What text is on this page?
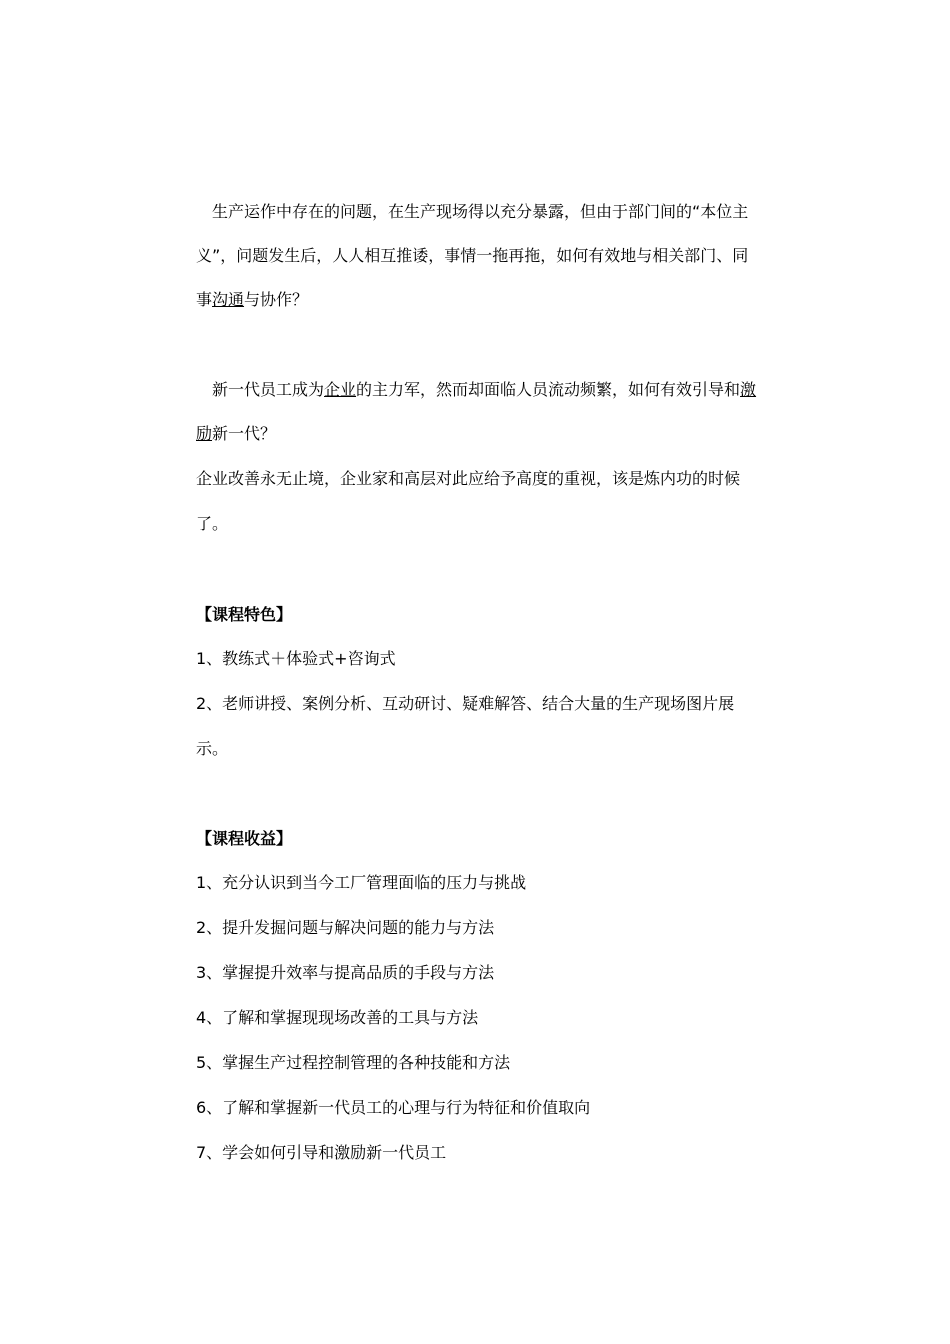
　生产运作中存在的问题，在生产现场得以充分暴露，但由于部门间的“本位主
义”，问题发生后，人人相互推诿，事情一拖再拖，如何有效地与相关部门、同
事沟通与协作？
　新一代员工成为企业的主力军，然而却面临人员流动频繁，如何有效引导和激
励新一代？
企业改善永无止境，企业家和高层对此应给予高度的重视，该是炼内功的时候
了。
【课程特色】
1、教练式＋体验式+咨询式
2、老师讲授、案例分析、互动研讨、疑难解答、结合大量的生产现场图片展
示。
【课程收益】
1、充分认识到当今工厂管理面临的压力与挑战
2、提升发掘问题与解决问题的能力与方法
3、掌握提升效率与提高品质的手段与方法
4、了解和掌握现现场改善的工具与方法
5、掌握生产过程控制管理的各种技能和方法
6、了解和掌握新一代员工的心理与行为特征和价值取向
7、学会如何引导和激励新一代员工
